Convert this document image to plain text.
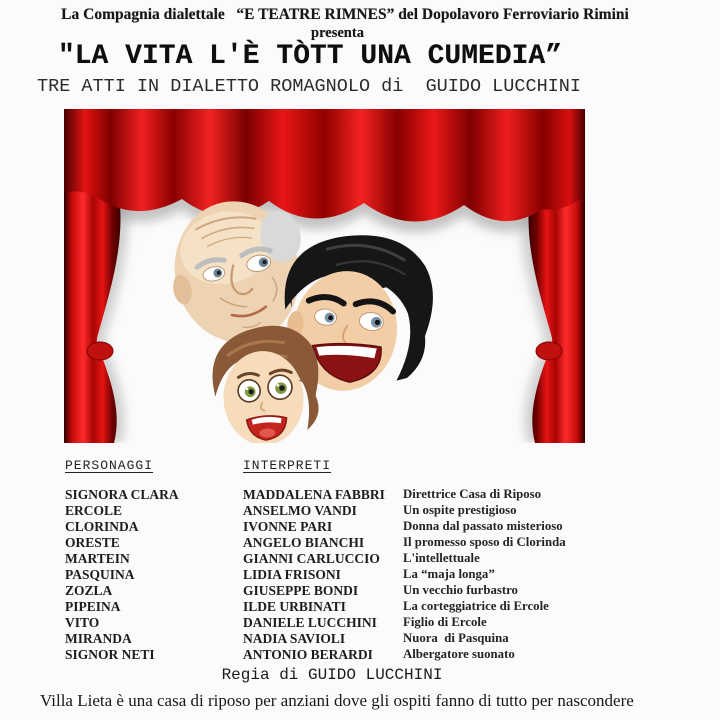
La Compagnia dialettale   “E TEATRE RIMNES” del Dopolavoro Ferroviario Rimini
presenta
"LA VITA L'È TÒTT UNA CUMEDIA”
TRE ATTI IN DIALETTO ROMAGNOLO di  GUIDO LUCCHINI
PERSONAGGI	INTERPRETI
SIGNORA CLARA	MADDALENA FABBRI	Direttrice Casa di Riposo
ERCOLE	ANSELMO VANDI	Un ospite prestigioso
CLORINDA	IVONNE PARI	Donna dal passato misterioso
ORESTE	ANGELO BIANCHI	Il promesso sposo di Clorinda
MARTEIN	GIANNI CARLUCCIO	L'intellettuale
PASQUINA	LIDIA FRISONI	La “maja longa”
ZOZLA	GIUSEPPE BONDI	Un vecchio furbastro
PIPEINA	ILDE URBINATI	La corteggiatrice di Ercole
VITO	DANIELE LUCCHINI	Figlio di Ercole
MIRANDA	NADIA SAVIOLI	Nuora  di Pasquina
SIGNOR NETI	ANTONIO BERARDI	Albergatore suonato
Regia di GUIDO LUCCHINI
Villa Lieta è una casa di riposo per anziani dove gli ospiti fanno di tutto per nascondere
